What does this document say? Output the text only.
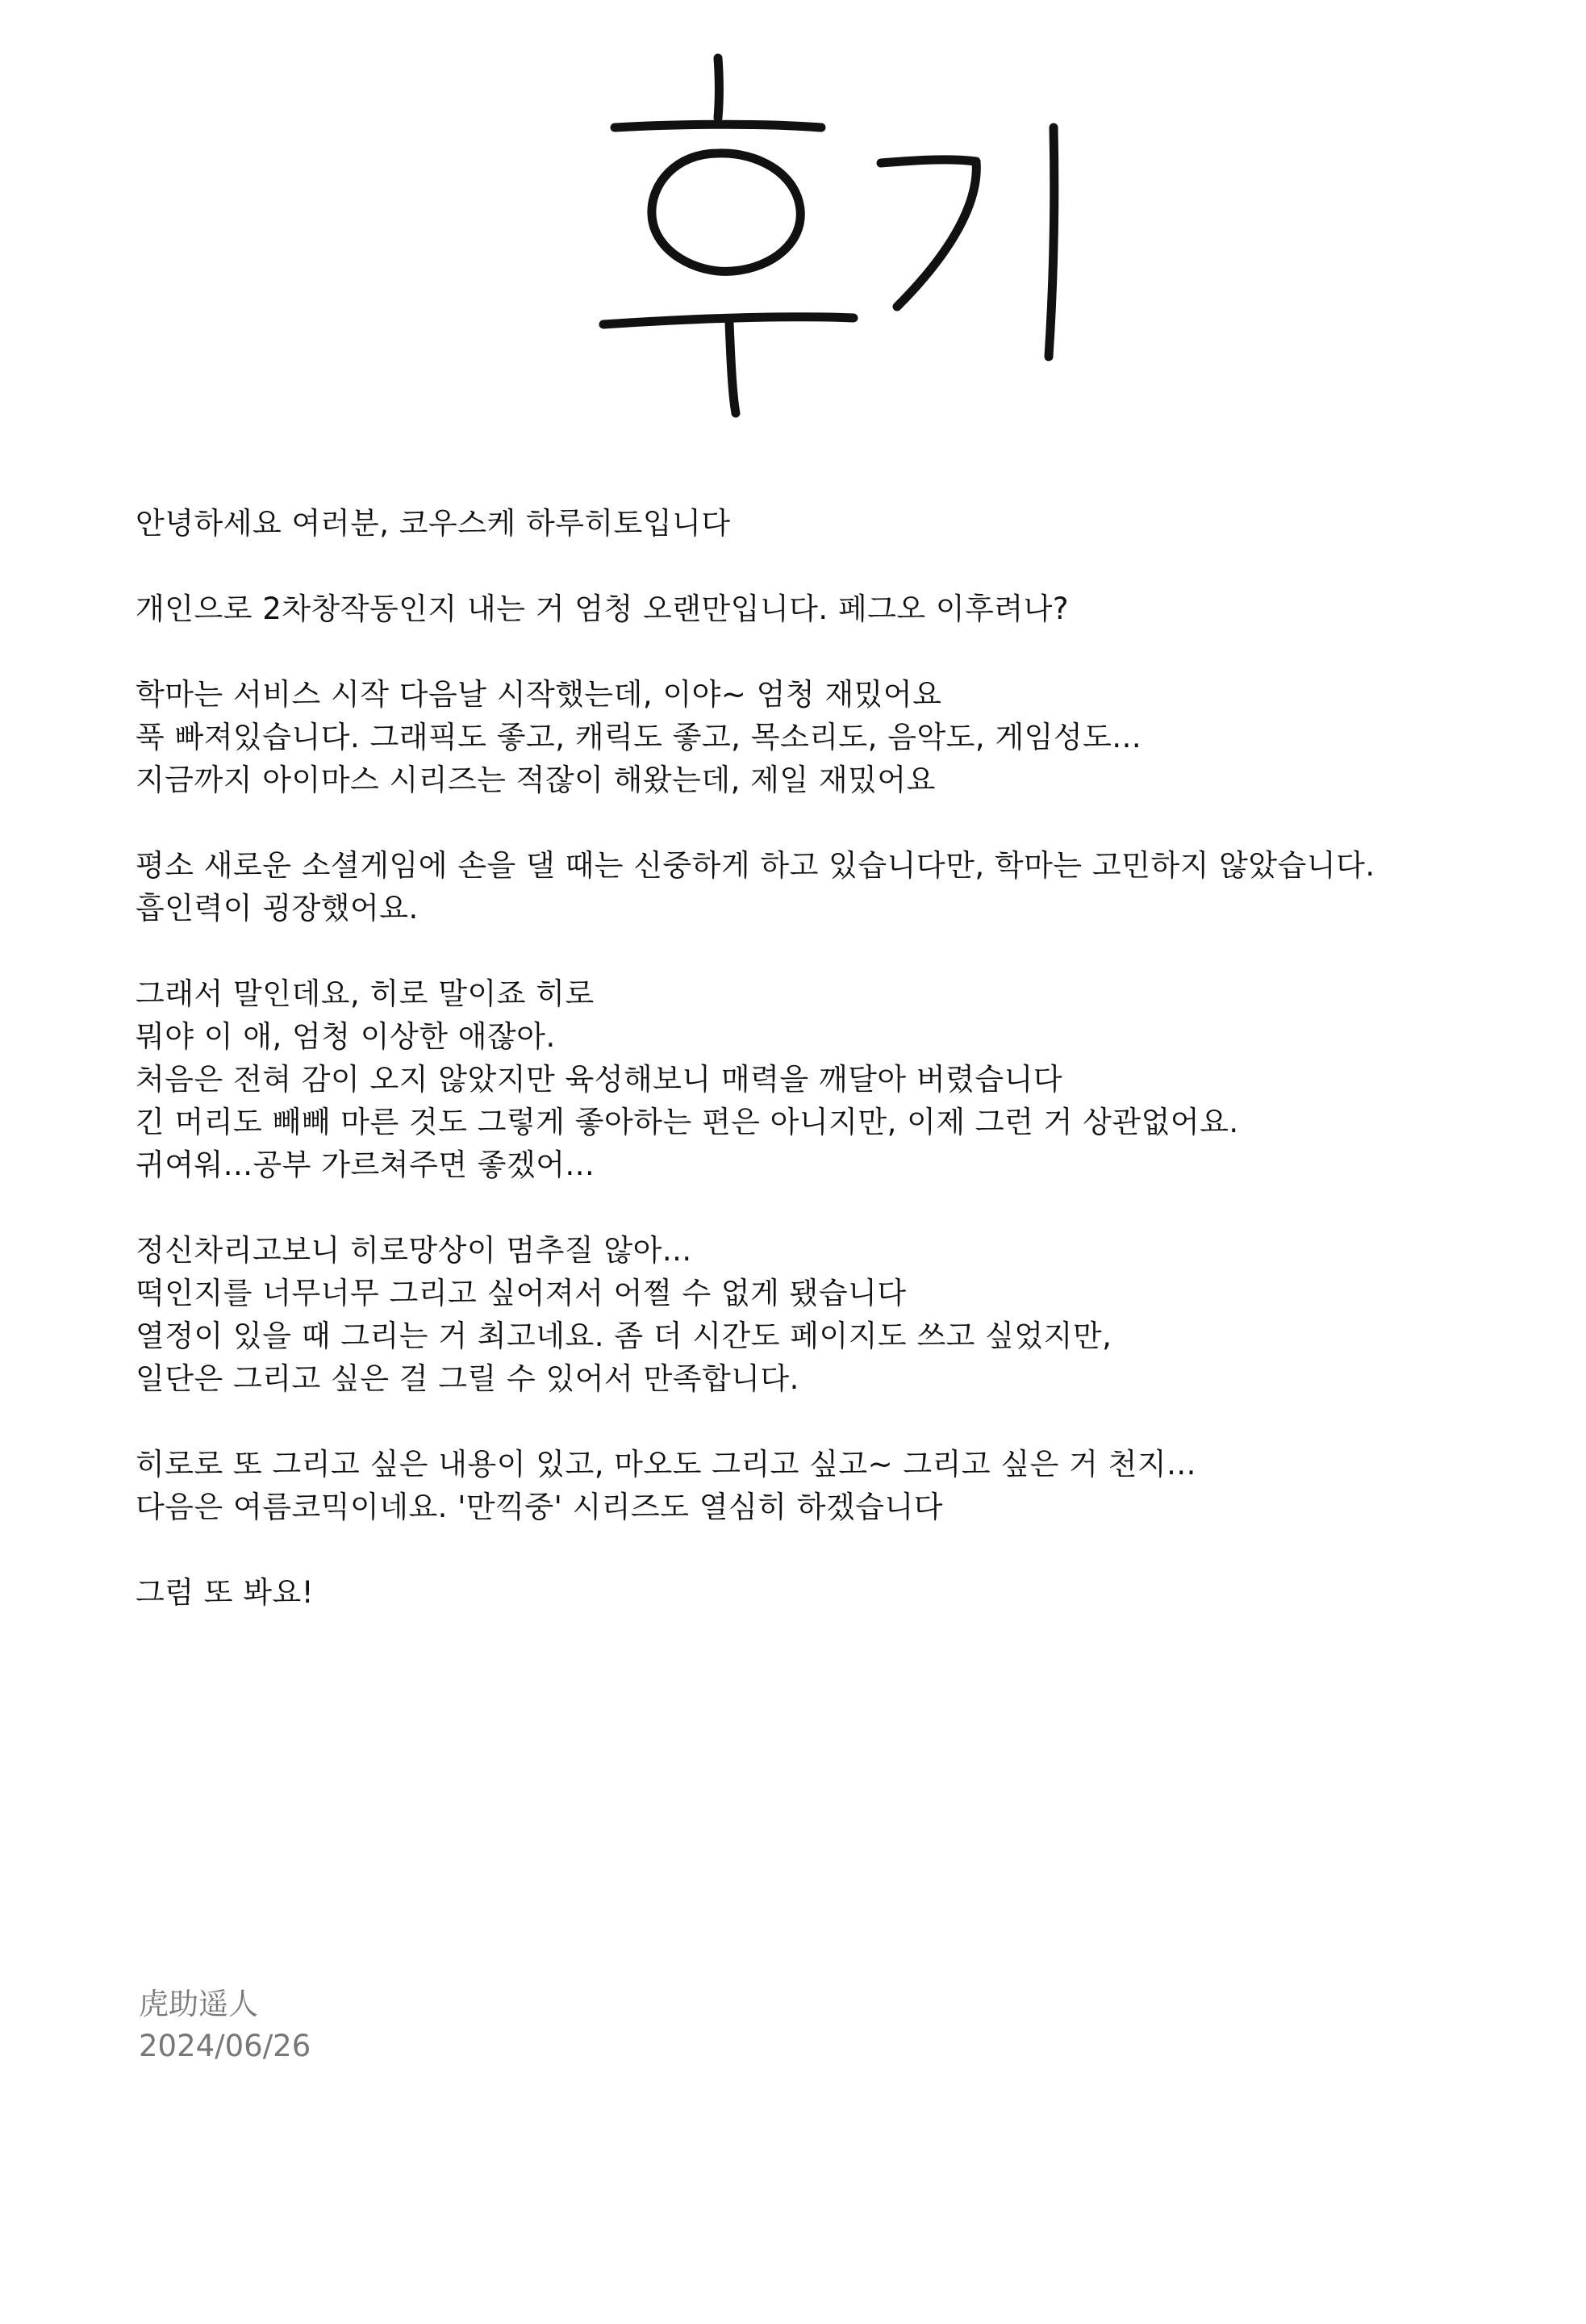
안녕하세요 여러분, 코우스케 하루히토입니다
개인으로 2차창작동인지 내는 거 엄청 오랜만입니다. 페그오 이후려나?
학마는 서비스 시작 다음날 시작했는데, 이야~ 엄청 재밌어요
푹 빠져있습니다. 그래픽도 좋고, 캐릭도 좋고, 목소리도, 음악도, 게임성도...
지금까지 아이마스 시리즈는 적잖이 해왔는데, 제일 재밌어요
평소 새로운 소셜게임에 손을 댈 때는 신중하게 하고 있습니다만, 학마는 고민하지 않았습니다.
흡인력이 굉장했어요.
그래서 말인데요, 히로 말이죠 히로
뭐야 이 애, 엄청 이상한 애잖아.
처음은 전혀 감이 오지 않았지만 육성해보니 매력을 깨달아 버렸습니다
긴 머리도 빼빼 마른 것도 그렇게 좋아하는 편은 아니지만, 이제 그런 거 상관없어요.
귀여워...공부 가르쳐주면 좋겠어...
정신차리고보니 히로망상이 멈추질 않아...
떡인지를 너무너무 그리고 싶어져서 어쩔 수 없게 됐습니다
열정이 있을 때 그리는 거 최고네요. 좀 더 시간도 페이지도 쓰고 싶었지만,
일단은 그리고 싶은 걸 그릴 수 있어서 만족합니다.
히로로 또 그리고 싶은 내용이 있고, 마오도 그리고 싶고~ 그리고 싶은 거 천지...
다음은 여름코믹이네요. '만끽중' 시리즈도 열심히 하겠습니다
그럼 또 봐요!
虎助遥人
2024/06/26
